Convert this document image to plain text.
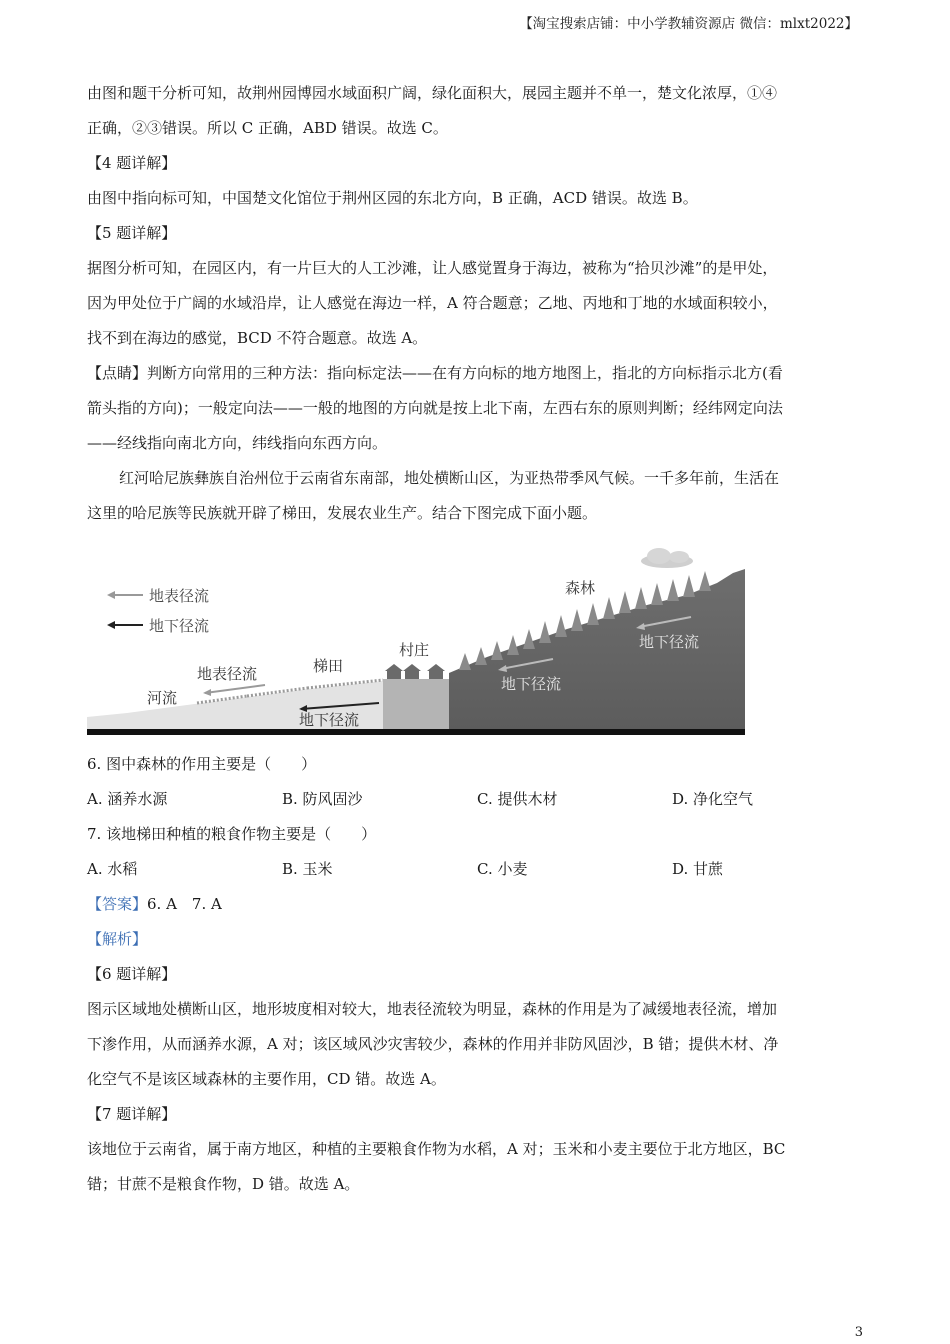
【淘宝搜索店铺：中小学教辅资源店 微信：mlxt2022】
由图和题干分析可知，故荆州园博园水域面积广阔，绿化面积大，展园主题并不单一，楚文化浓厚，①④
正确，②③错误。所以 C 正确，ABD 错误。故选 C。
【4 题详解】
由图中指向标可知，中国楚文化馆位于荆州区园的东北方向，B 正确，ACD 错误。故选 B。
【5 题详解】
据图分析可知，在园区内，有一片巨大的人工沙滩，让人感觉置身于海边，被称为“拾贝沙滩”的是甲处，
因为甲处位于广阔的水域沿岸，让人感觉在海边一样，A 符合题意；乙地、丙地和丁地的水域面积较小，
找不到在海边的感觉，BCD 不符合题意。故选 A。
【点睛】判断方向常用的三种方法：指向标定法——在有方向标的地方地图上，指北的方向标指示北方(看
箭头指的方向)；一般定向法——一般的地图的方向就是按上北下南，左西右东的原则判断；经纬网定向法
——经线指向南北方向，纬线指向东西方向。
红河哈尼族彝族自治州位于云南省东南部，地处横断山区，为亚热带季风气候。一千多年前，生活在
这里的哈尼族等民族就开辟了梯田，发展农业生产。结合下图完成下面小题。
地表径流
地下径流
森林
村庄
梯田
地表径流
河流
地下径流
地下径流
地下径流
6. 图中森林的作用主要是（　　）
A. 涵养水源	B. 防风固沙	C. 提供木材	D. 净化空气
7. 该地梯田种植的粮食作物主要是（　　）
A. 水稻	B. 玉米	C. 小麦	D. 甘蔗
【答案】6. A　7. A
【解析】
【6 题详解】
图示区域地处横断山区，地形坡度相对较大，地表径流较为明显，森林的作用是为了减缓地表径流，增加
下渗作用，从而涵养水源，A 对；该区域风沙灾害较少，森林的作用并非防风固沙，B 错；提供木材、净
化空气不是该区域森林的主要作用，CD 错。故选 A。
【7 题详解】
该地位于云南省，属于南方地区，种植的主要粮食作物为水稻，A 对；玉米和小麦主要位于北方地区，BC
错；甘蔗不是粮食作物，D 错。故选 A。
3
